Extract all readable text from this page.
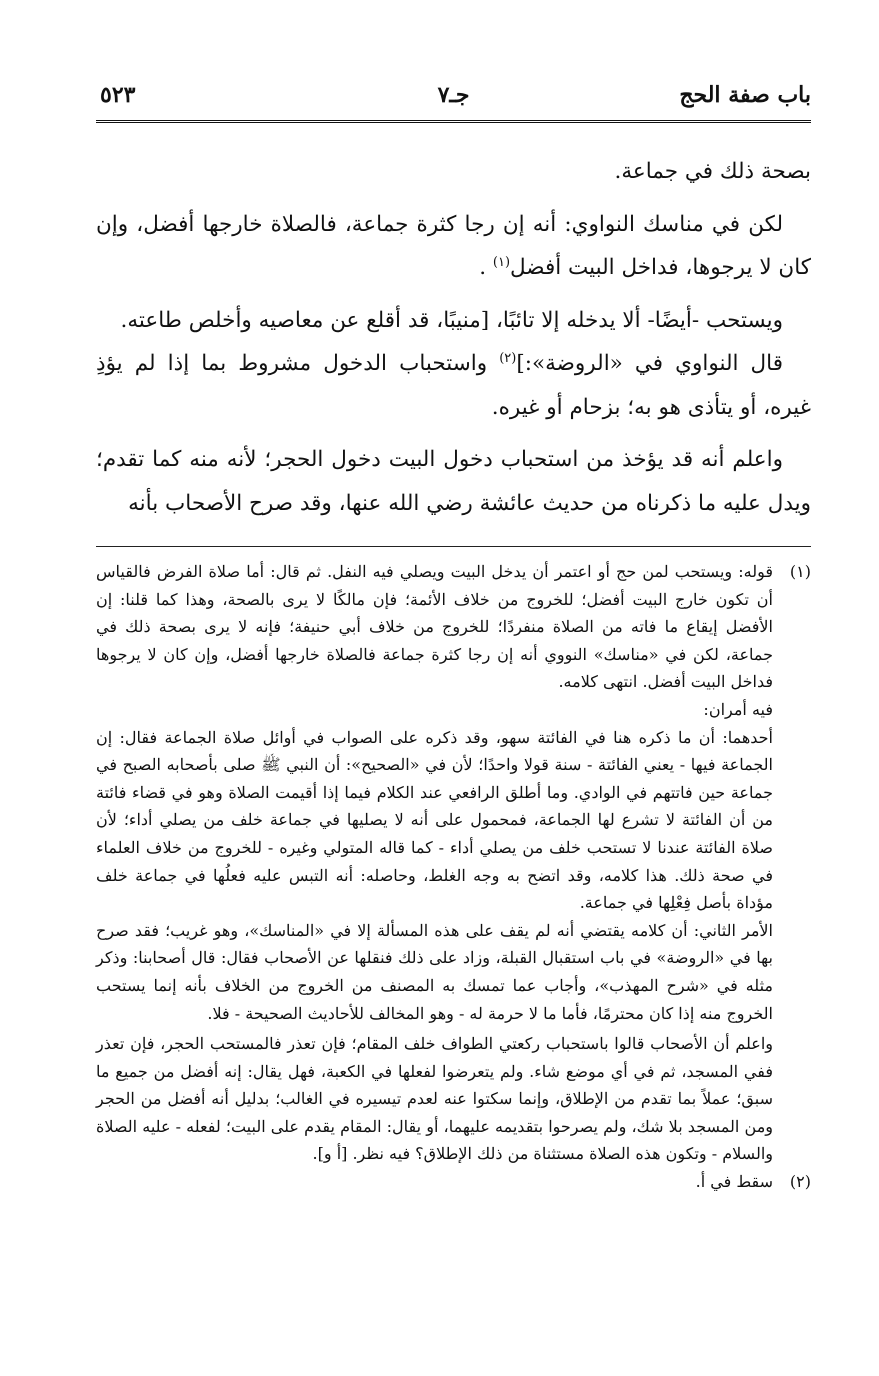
باب صفة الحج
جـ٧
٥٢٣

بصحة ذلك في جماعة.

لكن في مناسك النواوي: أنه إن رجا كثرة جماعة، فالصلاة خارجها أفضل، وإن كان لا يرجوها، فداخل البيت أفضل$^{(١)}$ .

ويستحب -أيضًا- ألا يدخله إلا تائبًا، [منيبًا، قد أقلع عن معاصيه وأخلص طاعته.

قال النواوي في «الروضة»:]$^{(٢)}$ واستحباب الدخول مشروط بما إذا لم يؤذِ غيره، أو يتأذى هو به؛ بزحام أو غيره.

واعلم أنه قد يؤخذ من استحباب دخول البيت دخول الحجر؛ لأنه منه كما تقدم؛ ويدل عليه ما ذكرناه من حديث عائشة رضي الله عنها، وقد صرح الأصحاب بأنه

(١)

قوله: ويستحب لمن حج أو اعتمر أن يدخل البيت ويصلي فيه النفل. ثم قال: أما صلاة الفرض فالقياس أن تكون خارج البيت أفضل؛ للخروج من خلاف الأئمة؛ فإن مالكًا لا يرى بالصحة، وهذا كما قلنا: إن الأفضل إيقاع ما فاته من الصلاة منفردًا؛ للخروج من خلاف أبي حنيفة؛ فإنه لا يرى بصحة ذلك في جماعة، لكن في «مناسك» النووي أنه إن رجا كثرة جماعة فالصلاة خارجها أفضل، وإن كان لا يرجوها فداخل البيت أفضل. انتهى كلامه.

فيه أمران:

أحدهما: أن ما ذكره هنا في الفائتة سهو، وقد ذكره على الصواب في أوائل صلاة الجماعة فقال: إن الجماعة فيها - يعني الفائتة - سنة قولا واحدًا؛ لأن في «الصحيح»: أن النبي ﷺ صلى بأصحابه الصبح في جماعة حين فاتتهم في الوادي. وما أطلق الرافعي عند الكلام فيما إذا أقيمت الصلاة وهو في قضاء فائتة من أن الفائتة لا تشرع لها الجماعة، فمحمول على أنه لا يصليها في جماعة خلف من يصلي أداء؛ لأن صلاة الفائتة عندنا لا تستحب خلف من يصلي أداء - كما قاله المتولي وغيره - للخروج من خلاف العلماء في صحة ذلك. هذا كلامه، وقد اتضح به وجه الغلط، وحاصله: أنه التبس عليه فعلُها في جماعة خلف مؤداة بأصل فِعْلِها في جماعة.

الأمر الثاني: أن كلامه يقتضي أنه لم يقف على هذه المسألة إلا في «المناسك»، وهو غريب؛ فقد صرح بها في «الروضة» في باب استقبال القبلة، وزاد على ذلك فنقلها عن الأصحاب فقال: قال أصحابنا: وذكر مثله في «شرح المهذب»، وأجاب عما تمسك به المصنف من الخروج من الخلاف بأنه إنما يستحب الخروج منه إذا كان محترمًا، فأما ما لا حرمة له - وهو المخالف للأحاديث الصحيحة - فلا.

واعلم أن الأصحاب قالوا باستحباب ركعتي الطواف خلف المقام؛ فإن تعذر فالمستحب الحجر، فإن تعذر ففي المسجد، ثم في أي موضع شاء. ولم يتعرضوا لفعلها في الكعبة، فهل يقال: إنه أفضل من جميع ما سبق؛ عملاً بما تقدم من الإطلاق، وإنما سكتوا عنه لعدم تيسيره في الغالب؛ بدليل أنه أفضل من الحجر ومن المسجد بلا شك، ولم يصرحوا بتقديمه عليهما، أو يقال: المقام يقدم على البيت؛ لفعله - عليه الصلاة والسلام - وتكون هذه الصلاة مستثناة من ذلك الإطلاق؟ فيه نظر. [أ و].

(٢)

سقط في أ.
